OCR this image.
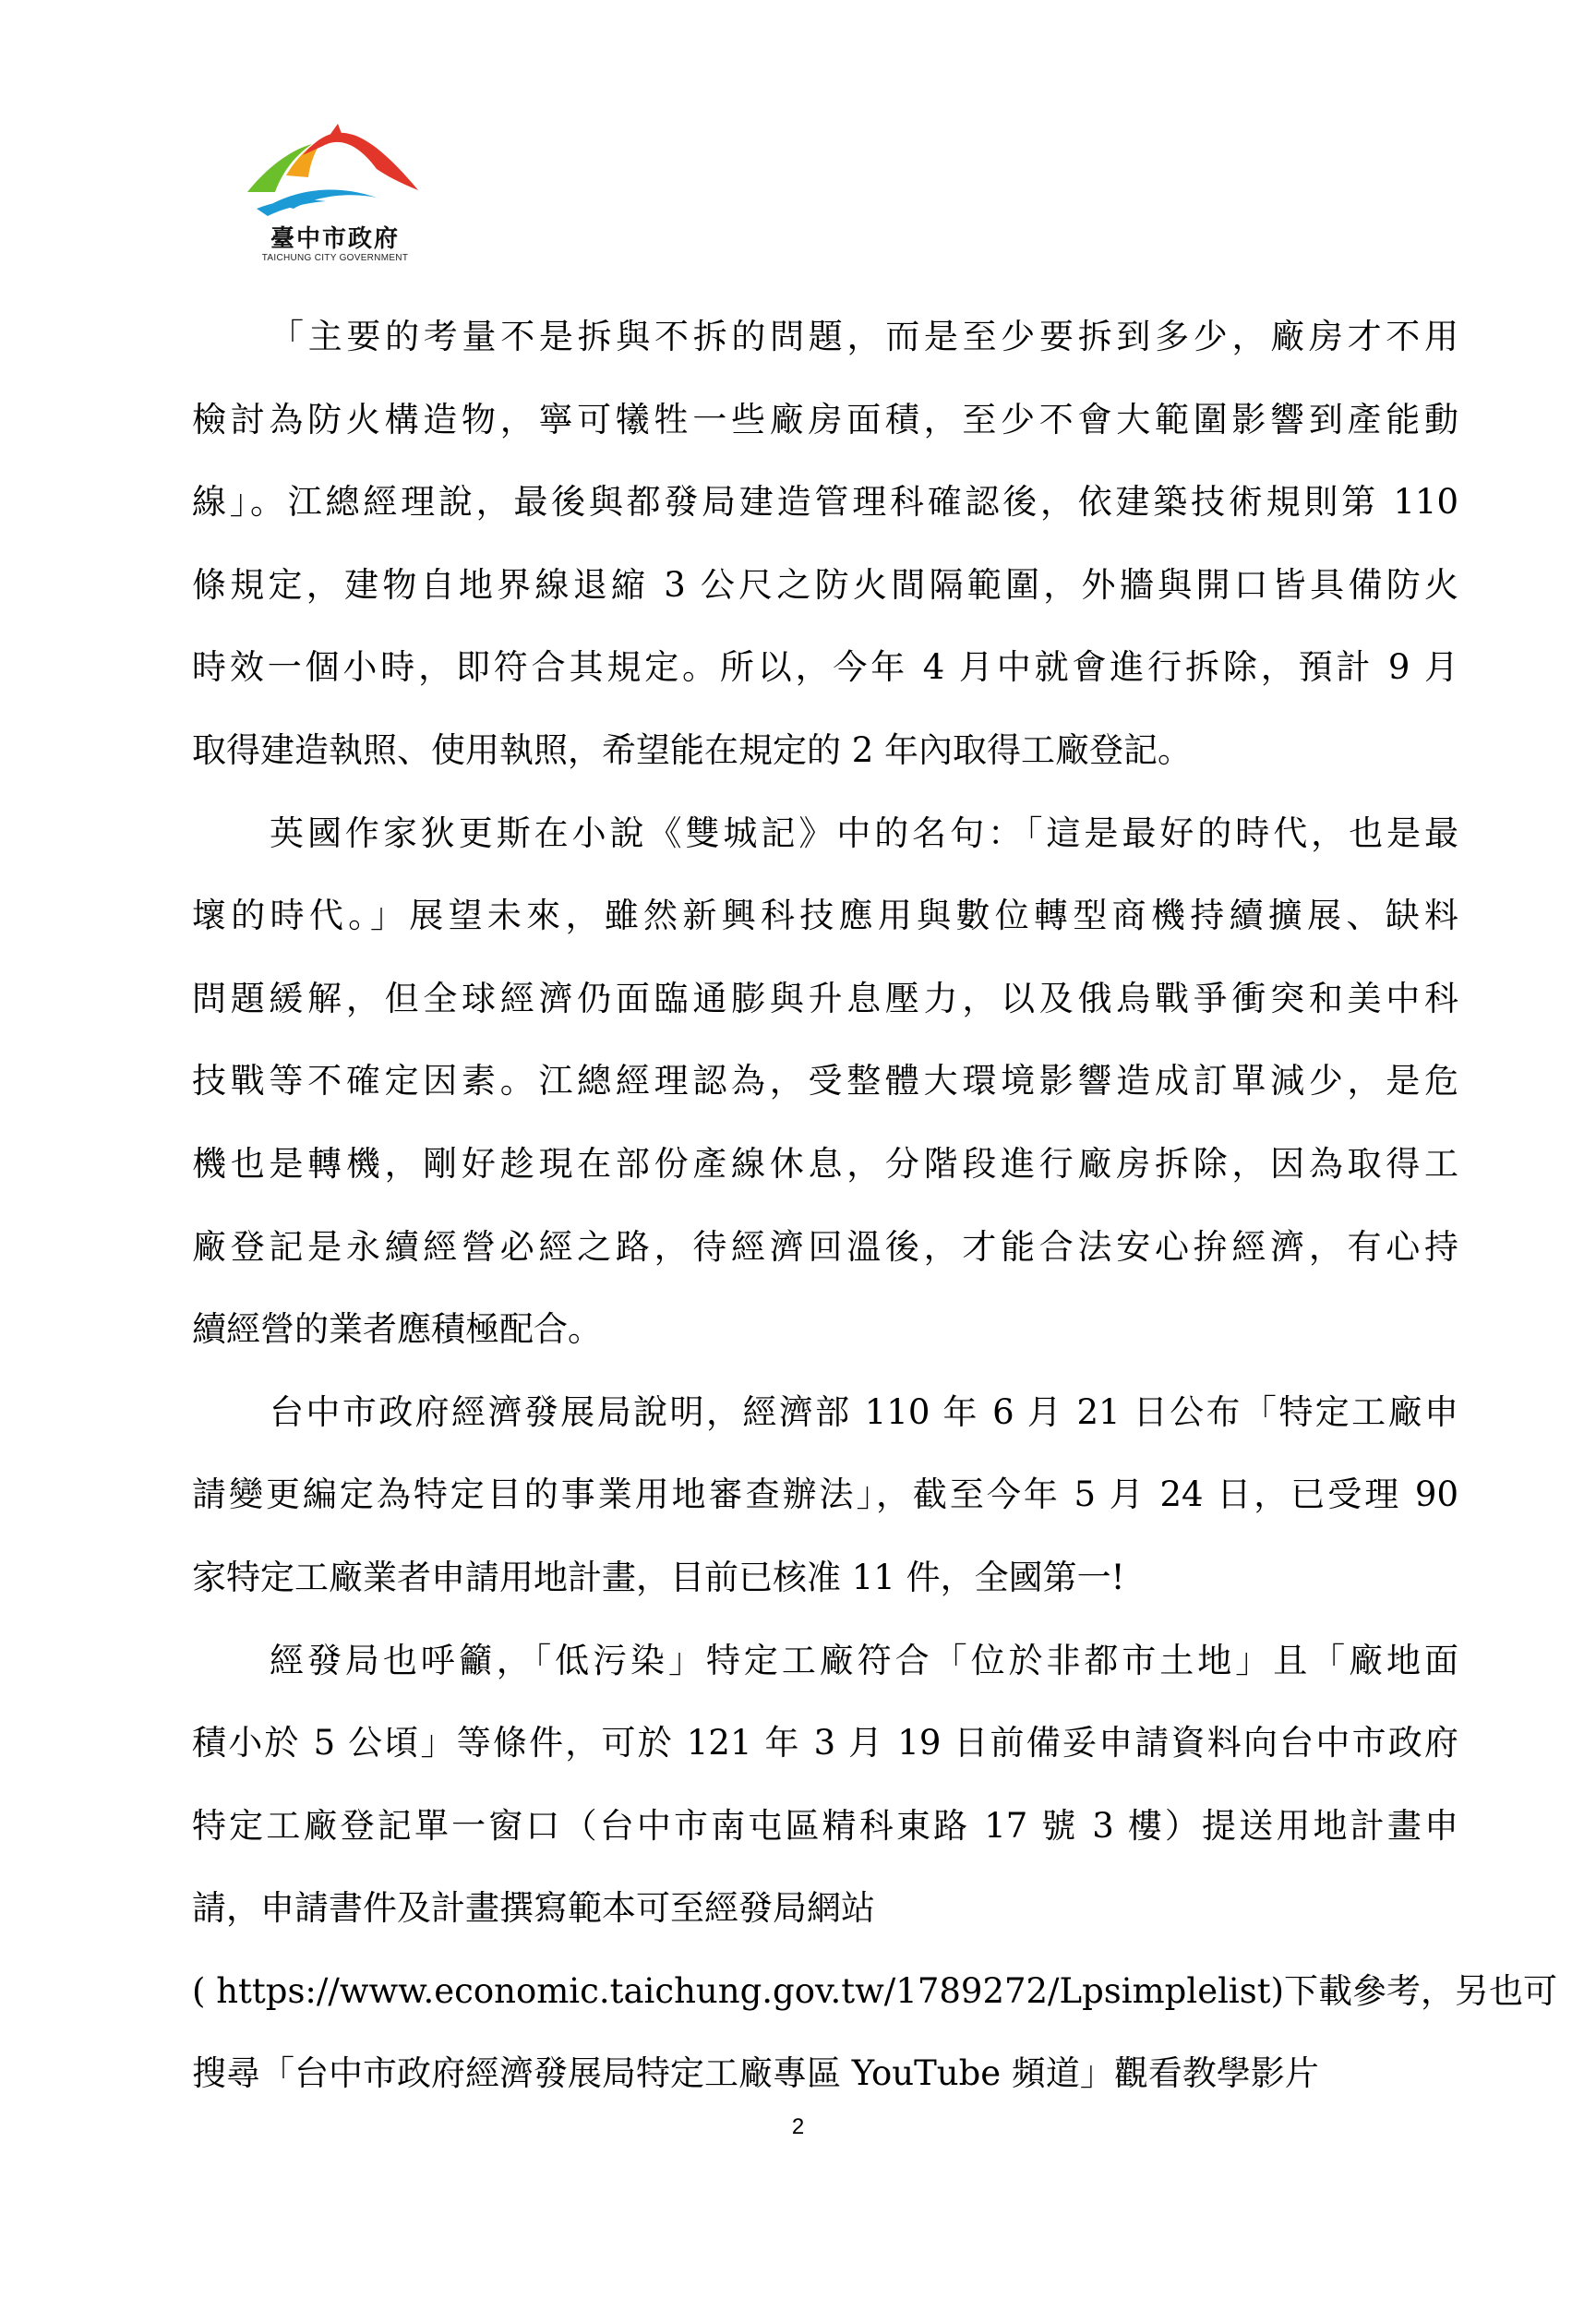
臺中市政府
TAICHUNG CITY GOVERNMENT
「主要的考量不是拆與不拆的問題，而是至少要拆到多少，廠房才不用
檢討為防火構造物，寧可犧牲一些廠房面積，至少不會大範圍影響到產能動
線」。江總經理說，最後與都發局建造管理科確認後，依建築技術規則第 110
條規定，建物自地界線退縮 3 公尺之防火間隔範圍，外牆與開口皆具備防火
時效一個小時，即符合其規定。所以，今年 4 月中就會進行拆除，預計 9 月
取得建造執照、使用執照，希望能在規定的 2 年內取得工廠登記。
英國作家狄更斯在小說《雙城記》中的名句：「這是最好的時代，也是最
壞的時代。」展望未來，雖然新興科技應用與數位轉型商機持續擴展、缺料
問題緩解，但全球經濟仍面臨通膨與升息壓力，以及俄烏戰爭衝突和美中科
技戰等不確定因素。江總經理認為，受整體大環境影響造成訂單減少，是危
機也是轉機，剛好趁現在部份產線休息，分階段進行廠房拆除，因為取得工
廠登記是永續經營必經之路，待經濟回溫後，才能合法安心拚經濟，有心持
續經營的業者應積極配合。
台中市政府經濟發展局說明，經濟部 110 年 6 月 21 日公布「特定工廠申
請變更編定為特定目的事業用地審查辦法」，截至今年 5 月 24 日，已受理 90
家特定工廠業者申請用地計畫，目前已核准 11 件，全國第一!
經發局也呼籲，「低污染」特定工廠符合「位於非都市土地」且「廠地面
積小於 5 公頃」等條件，可於 121 年 3 月 19 日前備妥申請資料向台中市政府
特定工廠登記單一窗口（台中市南屯區精科東路 17 號 3 樓）提送用地計畫申
請，申請書件及計畫撰寫範本可至經發局網站
( https://www.economic.taichung.gov.tw/1789272/Lpsimplelist)下載參考，另也可
搜尋「台中市政府經濟發展局特定工廠專區 YouTube 頻道」觀看教學影片
2
